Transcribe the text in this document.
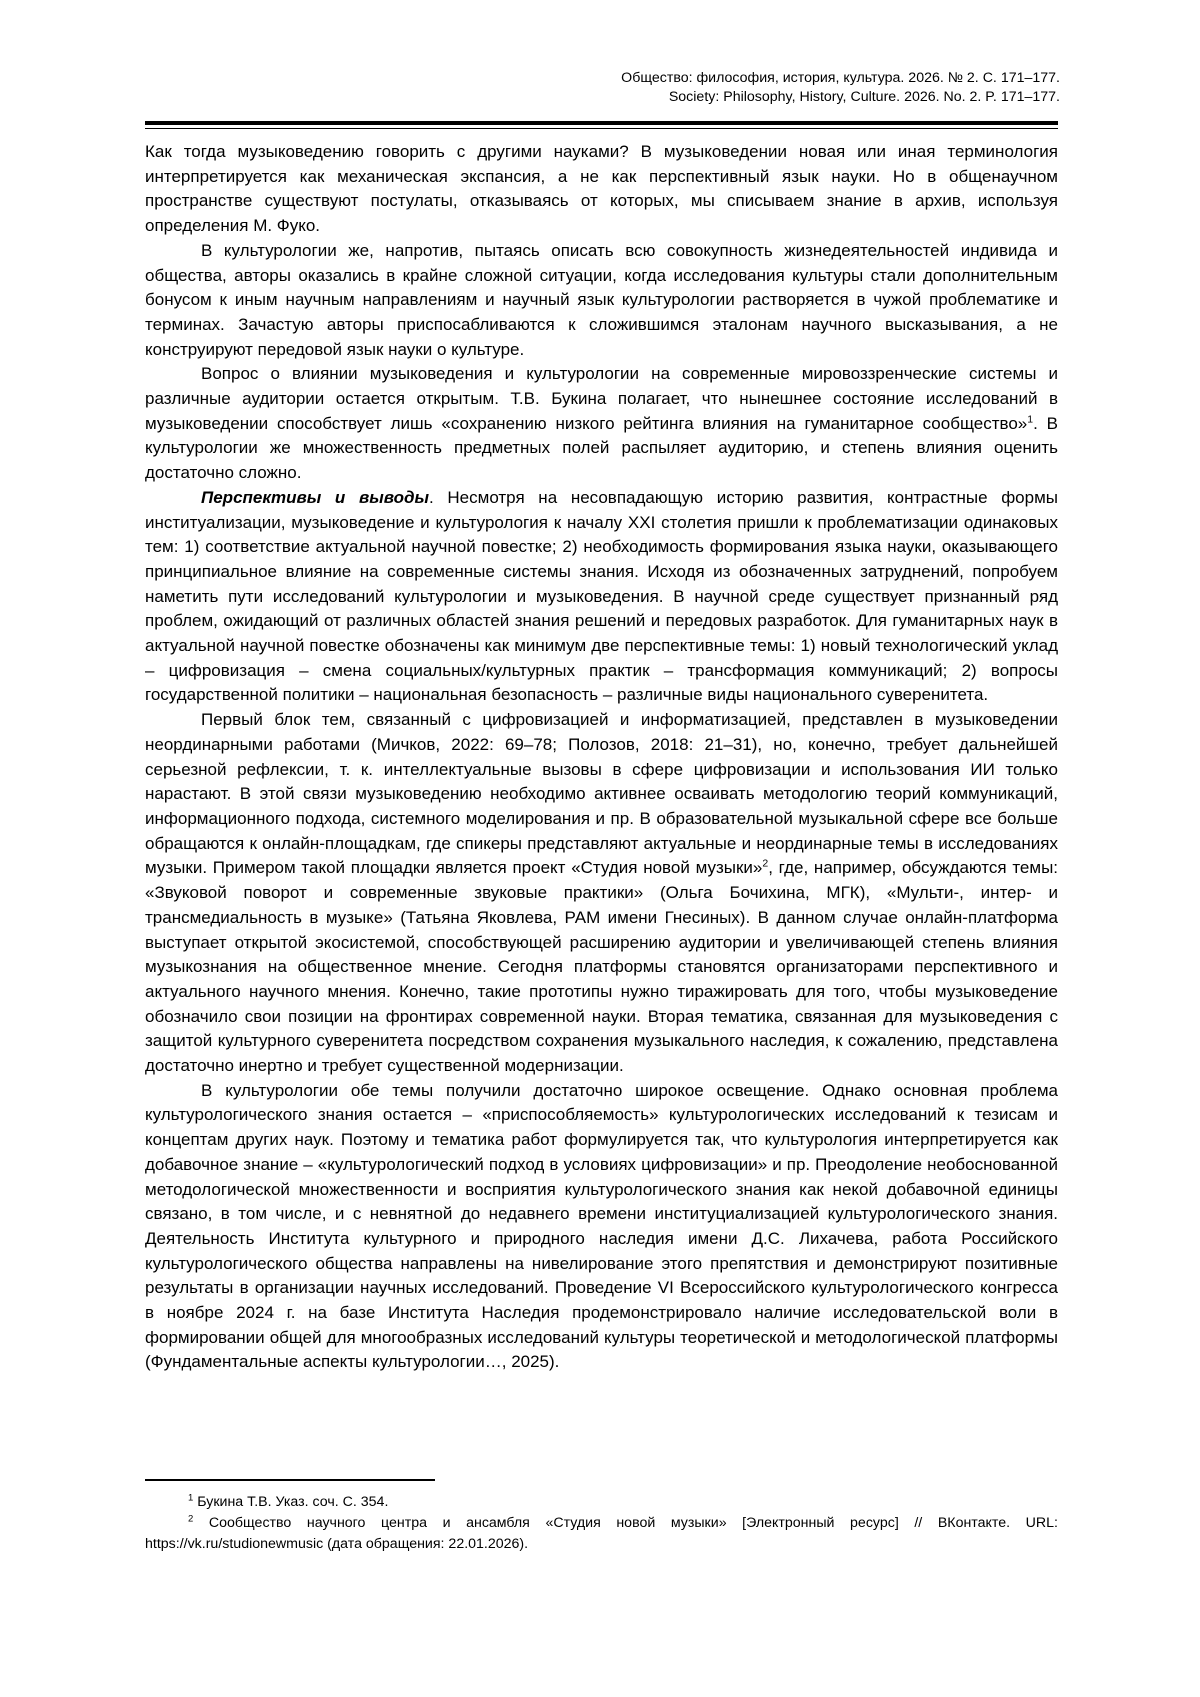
Общество: философия, история, культура. 2026. № 2. С. 171–177.
Society: Philosophy, History, Culture. 2026. No. 2. P. 171–177.

Как тогда музыковедению говорить с другими науками? В музыковедении новая или иная терминология интерпретируется как механическая экспансия, а не как перспективный язык науки. Но в общенаучном пространстве существуют постулаты, отказываясь от которых, мы списываем знание в архив, используя определения М. Фуко.

В культурологии же, напротив, пытаясь описать всю совокупность жизнедеятельностей индивида и общества, авторы оказались в крайне сложной ситуации, когда исследования культуры стали дополнительным бонусом к иным научным направлениям и научный язык культурологии растворяется в чужой проблематике и терминах. Зачастую авторы приспосабливаются к сложившимся эталонам научного высказывания, а не конструируют передовой язык науки о культуре.

Вопрос о влиянии музыковедения и культурологии на современные мировоззренческие системы и различные аудитории остается открытым. Т.В. Букина полагает, что нынешнее состояние исследований в музыковедении способствует лишь «сохранению низкого рейтинга влияния на гуманитарное сообщество»$^1$. В культурологии же множественность предметных полей распыляет аудиторию, и степень влияния оценить достаточно сложно.

Перспективы и выводы. Несмотря на несовпадающую историю развития, контрастные формы институализации, музыковедение и культурология к началу XXI столетия пришли к проблематизации одинаковых тем: 1) соответствие актуальной научной повестке; 2) необходимость формирования языка науки, оказывающего принципиальное влияние на современные системы знания. Исходя из обозначенных затруднений, попробуем наметить пути исследований культурологии и музыковедения. В научной среде существует признанный ряд проблем, ожидающий от различных областей знания решений и передовых разработок. Для гуманитарных наук в актуальной научной повестке обозначены как минимум две перспективные темы: 1) новый технологический уклад – цифровизация – смена социальных/культурных практик – трансформация коммуникаций; 2) вопросы государственной политики – национальная безопасность – различные виды национального суверенитета.

Первый блок тем, связанный с цифровизацией и информатизацией, представлен в музыковедении неординарными работами (Мичков, 2022: 69–78; Полозов, 2018: 21–31), но, конечно, требует дальнейшей серьезной рефлексии, т. к. интеллектуальные вызовы в сфере цифровизации и использования ИИ только нарастают. В этой связи музыковедению необходимо активнее осваивать методологию теорий коммуникаций, информационного подхода, системного моделирования и пр. В образовательной музыкальной сфере все больше обращаются к онлайн-площадкам, где спикеры представляют актуальные и неординарные темы в исследованиях музыки. Примером такой площадки является проект «Студия новой музыки»$^2$, где, например, обсуждаются темы: «Звуковой поворот и современные звуковые практики» (Ольга Бочихина, МГК), «Мульти-, интер- и трансмедиальность в музыке» (Татьяна Яковлева, РАМ имени Гнесиных). В данном случае онлайн-платформа выступает открытой экосистемой, способствующей расширению аудитории и увеличивающей степень влияния музыкознания на общественное мнение. Сегодня платформы становятся организаторами перспективного и актуального научного мнения. Конечно, такие прототипы нужно тиражировать для того, чтобы музыковедение обозначило свои позиции на фронтирах современной науки. Вторая тематика, связанная для музыковедения с защитой культурного суверенитета посредством сохранения музыкального наследия, к сожалению, представлена достаточно инертно и требует существенной модернизации.

В культурологии обе темы получили достаточно широкое освещение. Однако основная проблема культурологического знания остается – «приспособляемость» культурологических исследований к тезисам и концептам других наук. Поэтому и тематика работ формулируется так, что культурология интерпретируется как добавочное знание – «культурологический подход в условиях цифровизации» и пр. Преодоление необоснованной методологической множественности и восприятия культурологического знания как некой добавочной единицы связано, в том числе, и с невнятной до недавнего времени институциализацией культурологического знания. Деятельность Института культурного и природного наследия имени Д.С. Лихачева, работа Российского культурологического общества направлены на нивелирование этого препятствия и демонстрируют позитивные результаты в организации научных исследований. Проведение VI Всероссийского культурологического конгресса в ноябре 2024 г. на базе Института Наследия продемонстрировало наличие исследовательской воли в формировании общей для многообразных исследований культуры теоретической и методологической платформы (Фундаментальные аспекты культурологии…, 2025).

$^1$ Букина Т.В. Указ. соч. С. 354.

$^2$ Сообщество научного центра и ансамбля «Студия новой музыки» [Электронный ресурс] // ВКонтакте. URL: https://vk.ru/studionewmusic (дата обращения: 22.01.2026).
